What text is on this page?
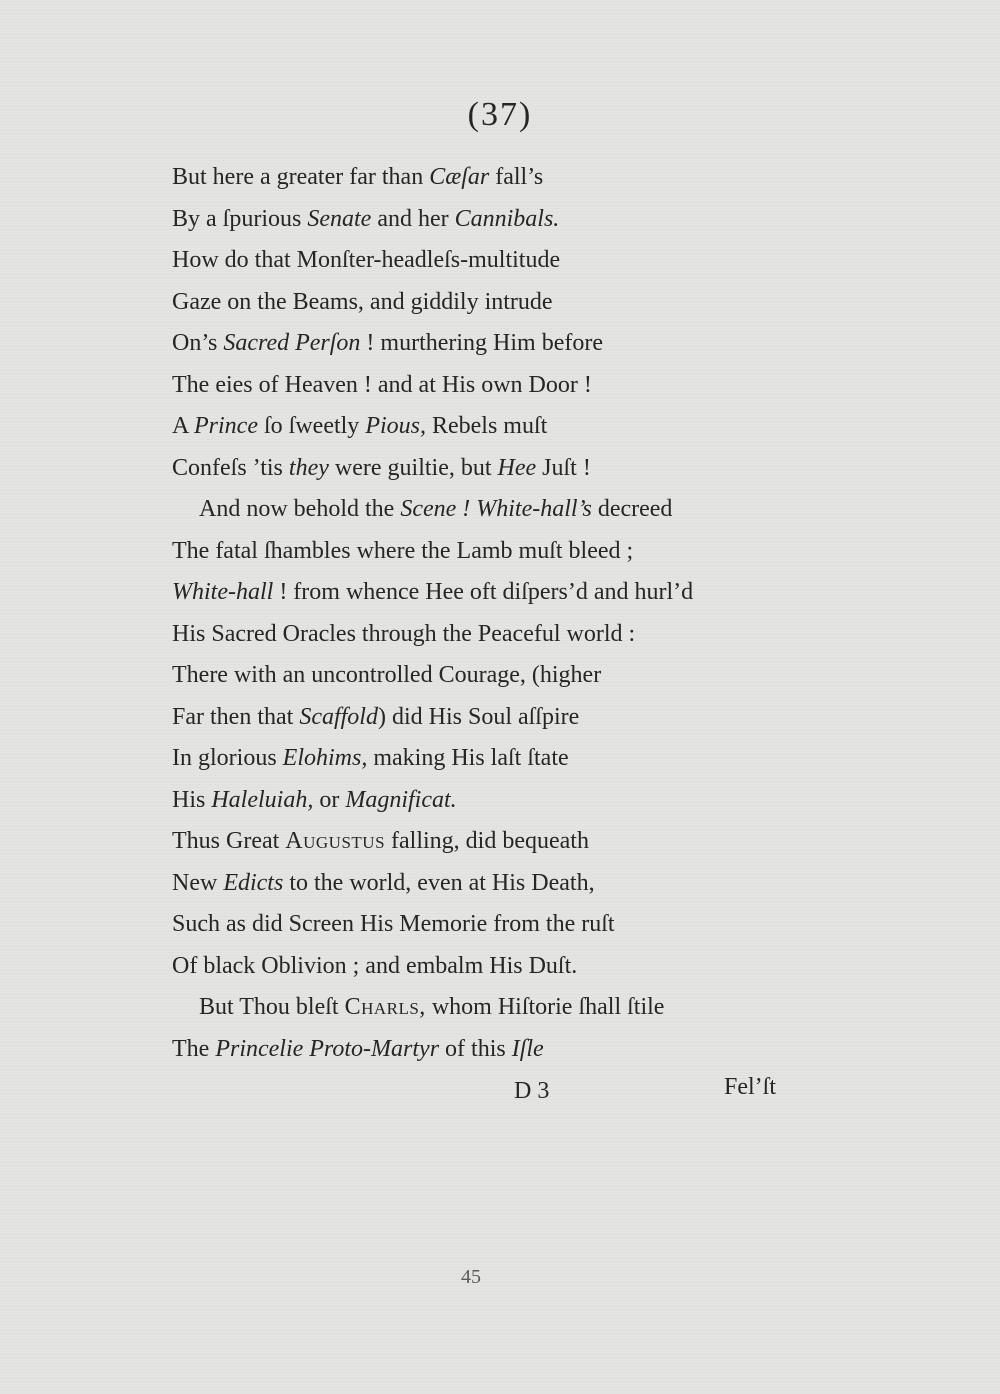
(37)
But here a greater far than Cæſar fall’s
By a ſpurious Senate and her Cannibals.
How do that Monſter-headleſs-multitude
Gaze on the Beams, and giddily intrude
On’s Sacred Perſon ! murthering Him before
The eies of Heaven ! and at His own Door !
A Prince ſo ſweetly Pious, Rebels muſt
Confeſs ’tis they were guiltie, but Hee Juſt !
And now behold the Scene ! White-hall’s decreed
The fatal ſhambles where the Lamb muſt bleed ;
White-hall ! from whence Hee oft diſpers’d and hurl’d
His Sacred Oracles through the Peaceful world :
There with an uncontrolled Courage, (higher
Far then that Scaffold) did His Soul aſſpire
In glorious Elohims, making His laſt ſtate
His Haleluiah, or Magnificat.
Thus Great Augustus falling, did bequeath
New Edicts to the world, even at His Death,
Such as did Screen His Memorie from the ruſt
Of black Oblivion ; and embalm His Duſt.
But Thou bleſt Charls, whom Hiſtorie ſhall ſtile
The Princelie Proto-Martyr of this Iſle
D 3	Fel’ſt
45
